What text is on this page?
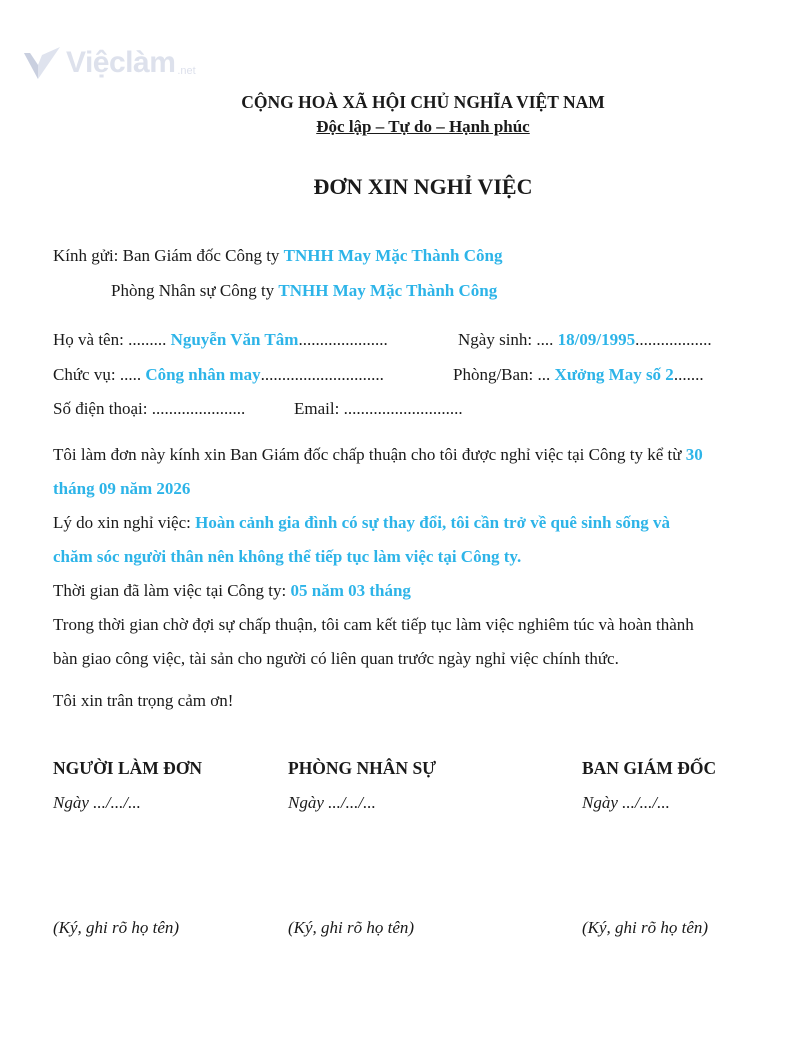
Việclàm .net
CỘNG HOÀ XÃ HỘI CHỦ NGHĨA VIỆT NAM
Độc lập – Tự do – Hạnh phúc
ĐƠN XIN NGHỈ VIỆC
Kính gửi: Ban Giám đốc Công ty TNHH May Mặc Thành Công
Phòng Nhân sự Công ty TNHH May Mặc Thành Công
Họ và tên: ......... Nguyễn Văn Tâm.....................	Ngày sinh: .... 18/09/1995..................
Chức vụ: ..... Công nhân may.............................	Phòng/Ban: ... Xưởng May số 2.......
Số điện thoại: ......................	Email: ............................
Tôi làm đơn này kính xin Ban Giám đốc chấp thuận cho tôi được nghỉ việc tại Công ty kể từ 30
tháng 09 năm 2026
Lý do xin nghỉ việc: Hoàn cảnh gia đình có sự thay đổi, tôi cần trở về quê sinh sống và
chăm sóc người thân nên không thể tiếp tục làm việc tại Công ty.
Thời gian đã làm việc tại Công ty: 05 năm 03 tháng
Trong thời gian chờ đợi sự chấp thuận, tôi cam kết tiếp tục làm việc nghiêm túc và hoàn thành
bàn giao công việc, tài sản cho người có liên quan trước ngày nghỉ việc chính thức.
Tôi xin trân trọng cảm ơn!
NGƯỜI LÀM ĐƠN	PHÒNG NHÂN SỰ	BAN GIÁM ĐỐC
Ngày .../.../...	Ngày .../.../...	Ngày .../.../...
(Ký, ghi rõ họ tên)	(Ký, ghi rõ họ tên)	(Ký, ghi rõ họ tên)
